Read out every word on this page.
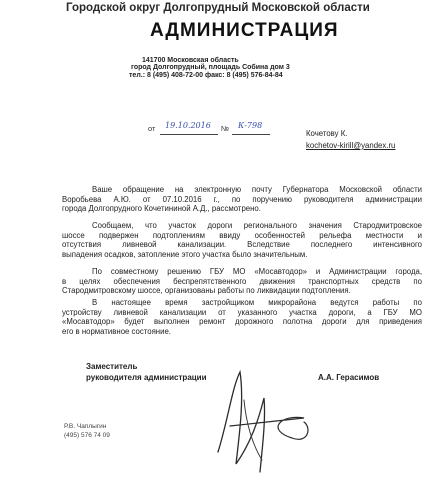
Городской округ Долгопрудный Московской области
АДМИНИСТРАЦИЯ
141700 Московская область
город Долгопрудный, площадь Собина дом 3
тел.: 8 (495) 408-72-00 факс: 8 (495) 576-84-84
от 19.10.2016 № К-798
Кочетову К.
kochetov-kirill@yandex.ru
Ваше обращение на электронную почту Губернатора Московской области
Воробьева А.Ю. от 07.10.2016 г., по поручению руководителя администрации
города Долгопрудного Кочетининой А.Д., рассмотрено.
Сообщаем, что участок дороги регионального значения Стародмитровское
шоссе подвержен подтоплениям ввиду особенностей рельефа местности и
отсутствия ливневой канализации. Вследствие последнего интенсивного
выпадения осадков, затопление этого участка было значительным.
По совместному решению ГБУ МО «Мосавтодор» и Администрации города,
в целях обеспечения беспрепятственного движения транспортных средств по
Стародмитровскому шоссе, организованы работы по ликвидации подтопления.
В настоящее время застройщиком микрорайона ведутся работы по
устройству ливневой канализации от указанного участка дороги, а ГБУ МО
«Мосавтодор» будет выполнен ремонт дорожного полотна дороги для приведения
его в нормативное состояние.
Заместитель
руководителя администрации	А.А. Герасимов
Р.В. Чаплыгин
(495) 576 74 09
